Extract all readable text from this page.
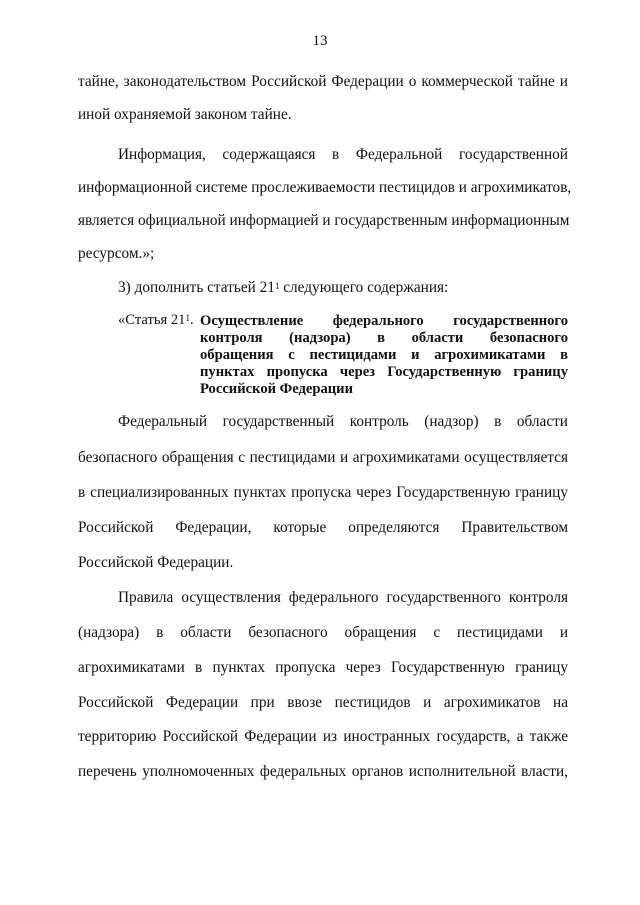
13
тайне, законодательством Российской Федерации о коммерческой тайне и
иной охраняемой законом тайне.
Информация, содержащаяся в Федеральной государственной
информационной системе прослеживаемости пестицидов и агрохимикатов,
является официальной информацией и государственным информационным
ресурсом.»;
3) дополнить статьей $21^1$ следующего содержания:
«Статья $21^1$. Осуществление федерального государственного
контроля (надзора) в области безопасного
обращения с пестицидами и агрохимикатами в
пунктах пропуска через Государственную границу
Российской Федерации
Федеральный государственный контроль (надзор) в области
безопасного обращения с пестицидами и агрохимикатами осуществляется
в специализированных пунктах пропуска через Государственную границу
Российской Федерации, которые определяются Правительством
Российской Федерации.
Правила осуществления федерального государственного контроля
(надзора) в области безопасного обращения с пестицидами и
агрохимикатами в пунктах пропуска через Государственную границу
Российской Федерации при ввозе пестицидов и агрохимикатов на
территорию Российской Федерации из иностранных государств, а также
перечень уполномоченных федеральных органов исполнительной власти,
